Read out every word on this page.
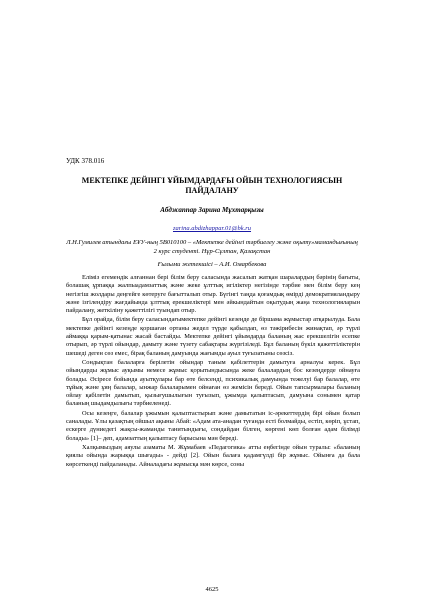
УДК 378.016
МЕКТЕПКЕ ДЕЙІНГІ ҰЙЫМДАРДАҒЫ ОЙЫН ТЕХНОЛОГИЯСЫН ПАЙДАЛАНУ
Абджаппар Зарина Мұхтарқызы
zarina.abdizhappar.01@bk.ru
Л.Н.Гумилев атындағы ЕҰУ-ның 5В010100 – «Мектепке дейінгі тәрбиелеу және оқыту»мамандығының 2 курс студенті. Нұр-Сұлтан, Қазақстан
Ғылыми жетекшісі – А.И. Омарбекова

Еліміз егемендік алғаннан бері білім беру саласында жасалып жатқан шаралардың бәрінің бағыты, болашақ ұрпаққа жалпыадамзаттық және жеке ұлттық игіліктер негізінде тәрбие мен білім беру кең негізгіш жолдары деңгейге көтеруге бағытталып отыр. Бүгінгі таңда қоғамдық өмірді демократияландыру және ізгілендіру жағдайында ұлттық ерекшеліктері мен әйкындайтын оқытудың жаңа технологияларын пайдалану, жеткіліну қажеттілігі туындап отыр.

Бұл орайда, білім беру саласындағымектепке дейінгі кезеңде де біршама жұмыстар атқарылуда. Бала мектепке дейінгі кезеңде қоршаған ортаны жедел түрде қабылдап, өз тәжірибесін жинақтап, әр түрлі аймаққа қарым-қатынас жасай бастайды. Мектепке дейінгі ұйымдарда баланың жас ерекшелігін есепке отырып, әр түрлі ойындар, дамыту және түзету сабақтары жүргізіледі. Бұл баланың бүкіл қажеттіліктерін шешеді деген сөз емес, бірақ баланың дамуында жағымды ауыл туғызатыны сөзсіз.

Сондықтан балаларға берілетін ойындар таным қабілеттерін дамытуға арналуы керек. Бұл ойындарды жұмыс ауқымы немесе жұмыс қорытындысында жеке балалардың бос кезеңдерде ойнауға болады. Әсіресе бойында ауытқулары бар өте белсенді, психикалық дамуында тежелуі бар балалар, өте тұйық және ұяң балалар, ынжар балаларымен ойнаған өз жемісін береді. Ойын тапсырмалары баланың ойлау қабілетін дамытып, қызығушылығын туғызып, ұжымда қалыптасып, дамуына сонымен қатар баланың шыдамдылығы тәрбиеленеді.

Осы кезеңге, балалар ұжымын қалыптастырып және дамытатын іс-әрекеттердің бірі ойын болып саналады. Ұлы қазақтың ойшыл ақыны Абай: «Адам ата-анадан туғанда есті болмайды, естіп, көріп, ұстап, ескерге дүниедегі жақсы-жаманды танитындығы, сондайдан білген, көргені көп болған адам білімді болады» [1]– деп, адамзаттың қалыптасу барысына мән береді.

Халқымыздың аяулы азаматы М. Жұмабаев «Педагогика» атты еңбегінде ойын туралы: «баланың қиялы ойында жарыққа шығады» - дейді [2]. Ойын балаға қадамгүлді бір жұмыс. Ойынға да бала көрсеткенді пайдаланады. Айналадағы жұмысқа мән көрсе, соны

4625
